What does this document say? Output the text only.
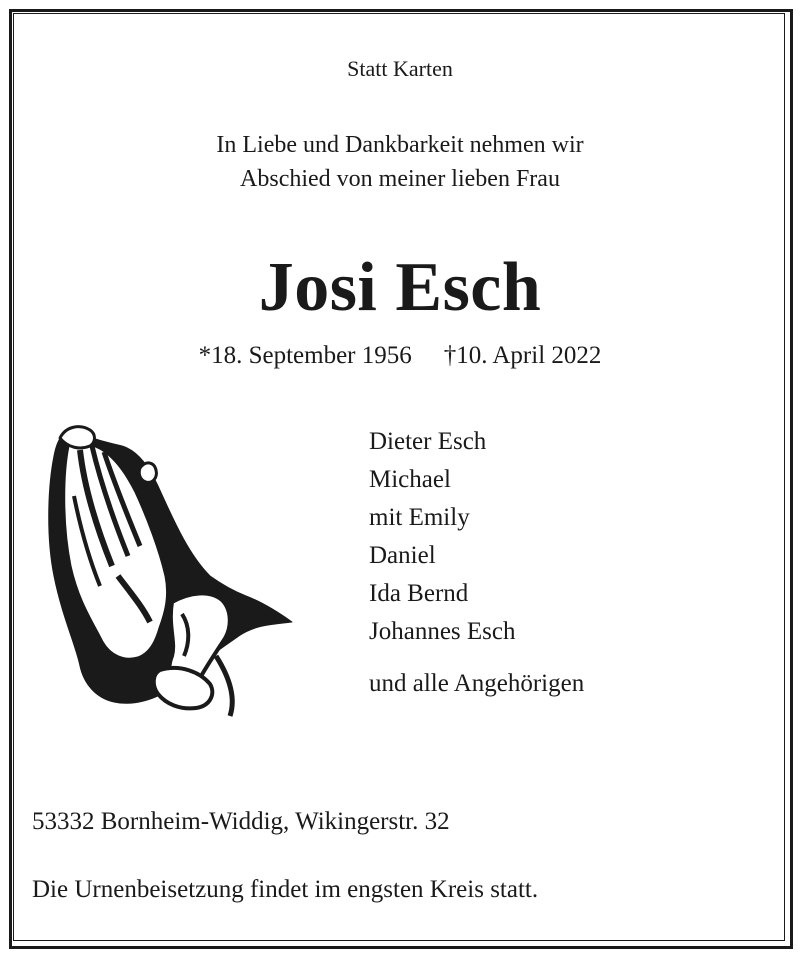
Statt Karten
In Liebe und Dankbarkeit nehmen wir
Abschied von meiner lieben Frau
Josi Esch
*18. September 1956 †10. April 2022
Dieter Esch
Michael
mit Emily
Daniel
Ida Bernd
Johannes Esch
und alle Angehörigen
53332 Bornheim-Widdig, Wikingerstr. 32
Die Urnenbeisetzung findet im engsten Kreis statt.
